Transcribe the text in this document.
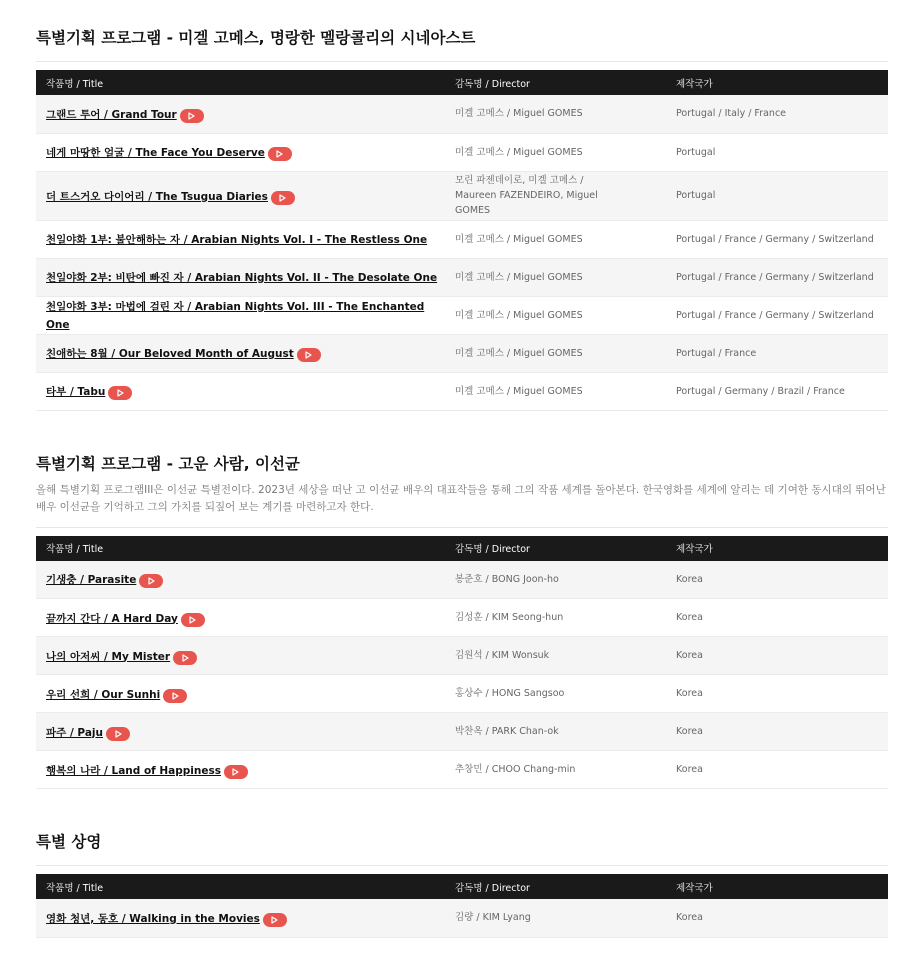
특별기획 프로그램 - 미겔 고메스, 명랑한 멜랑콜리의 시네아스트
작품명 / Title	감독명 / Director	제작국가
그랜드 투어 / Grand Tour	미겔 고메스 / Miguel GOMES	Portugal / Italy / France
네게 마땅한 얼굴 / The Face You Deserve	미겔 고메스 / Miguel GOMES	Portugal
더 트스거오 다이어리 / The Tsugua Diaries	모린 파젠데이로, 미겔 고메스 / Maureen FAZENDEIRO, Miguel GOMES	Portugal
천일야화 1부: 불안해하는 자 / Arabian Nights Vol. I - The Restless One	미겔 고메스 / Miguel GOMES	Portugal / France / Germany / Switzerland
천일야화 2부: 비탄에 빠진 자 / Arabian Nights Vol. II - The Desolate One	미겔 고메스 / Miguel GOMES	Portugal / France / Germany / Switzerland
천일야화 3부: 마법에 걸린 자 / Arabian Nights Vol. III - The Enchanted One	미겔 고메스 / Miguel GOMES	Portugal / France / Germany / Switzerland
친애하는 8월 / Our Beloved Month of August	미겔 고메스 / Miguel GOMES	Portugal / France
타부 / Tabu	미겔 고메스 / Miguel GOMES	Portugal / Germany / Brazil / France
특별기획 프로그램 - 고운 사람, 이선균

올해 특별기획 프로그램III은 이선균 특별전이다. 2023년 세상을 떠난 고 이선균 배우의 대표작들을 통해 그의 작품 세계를 돌아본다. 한국영화를 세계에 알리는 데 기여한 동시대의 뛰어난 배우 이선균을 기억하고 그의 가치를 되짚어 보는 계기를 마련하고자 한다.

작품명 / Title	감독명 / Director	제작국가
기생충 / Parasite	봉준호 / BONG Joon-ho	Korea
끝까지 간다 / A Hard Day	김성훈 / KIM Seong-hun	Korea
나의 아저씨 / My Mister	김원석 / KIM Wonsuk	Korea
우리 선희 / Our Sunhi	홍상수 / HONG Sangsoo	Korea
파주 / Paju	박찬옥 / PARK Chan-ok	Korea
행복의 나라 / Land of Happiness	추창민 / CHOO Chang-min	Korea
특별 상영
작품명 / Title	감독명 / Director	제작국가
영화 청년, 동호 / Walking in the Movies	김량 / KIM Lyang	Korea
